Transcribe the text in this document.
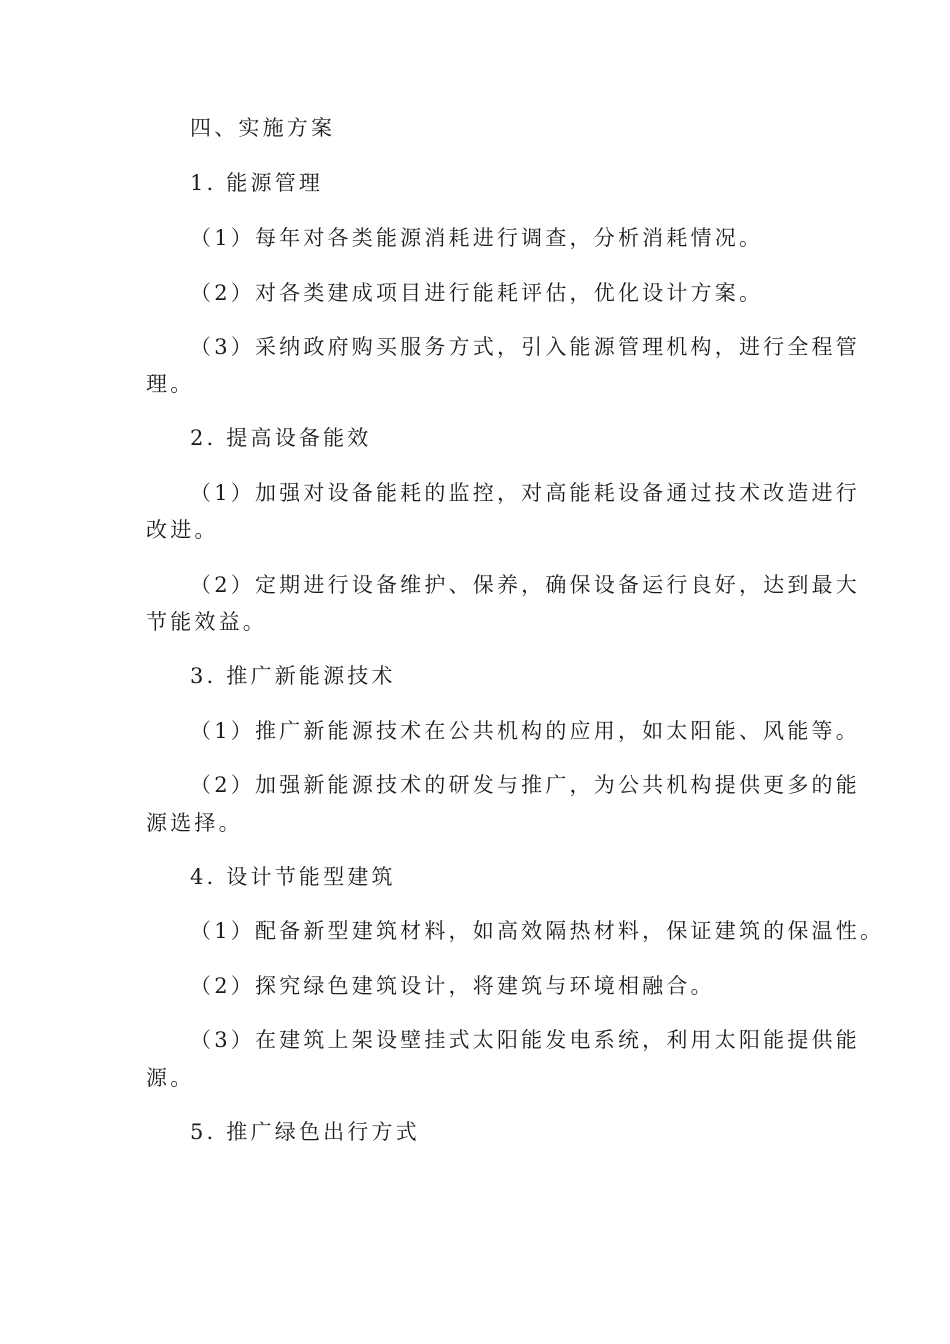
四、实施方案
1. 能源管理
（1）每年对各类能源消耗进行调查，分析消耗情况。
（2）对各类建成项目进行能耗评估，优化设计方案。
（3）采纳政府购买服务方式，引入能源管理机构，进行全程管
理。
2. 提高设备能效
（1）加强对设备能耗的监控，对高能耗设备通过技术改造进行
改进。
（2）定期进行设备维护、保养，确保设备运行良好，达到最大
节能效益。
3. 推广新能源技术
（1）推广新能源技术在公共机构的应用，如太阳能、风能等。
（2）加强新能源技术的研发与推广，为公共机构提供更多的能
源选择。
4. 设计节能型建筑
（1）配备新型建筑材料，如高效隔热材料，保证建筑的保温性。
（2）探究绿色建筑设计，将建筑与环境相融合。
（3）在建筑上架设壁挂式太阳能发电系统，利用太阳能提供能
源。
5. 推广绿色出行方式
